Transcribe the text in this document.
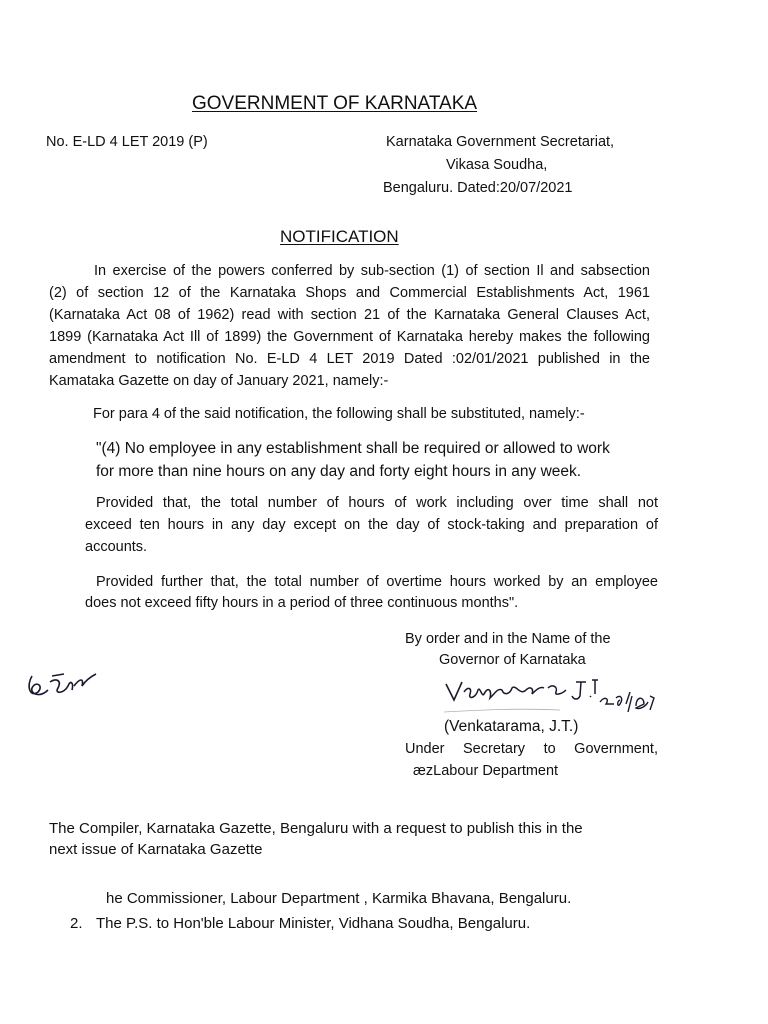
GOVERNMENT OF KARNATAKA
No. E-LD 4 LET 2019 (P)	Karnataka Government Secretariat,
Vikasa Soudha,
Bengaluru. Dated:20/07/2021
NOTIFICATION
In exercise of the powers conferred by sub-section (1) of section Il and sabsection
(2) of section 12 of the Karnataka Shops and Commercial Establishments Act, 1961
(Karnataka Act 08 of 1962) read with section 21 of the Karnataka General Clauses Act,
1899 (Karnataka Act Ill of 1899) the Government of Karnataka hereby makes the following
amendment to notification No. E-LD 4 LET 2019 Dated :02/01/2021 published in the
Kamataka Gazette on day of January 2021, namely:-
For para 4 of the said notification, the following shall be substituted, namely:-
"(4) No employee in any establishment shall be required or allowed to work
for more than nine hours on any day and forty eight hours in any week.
Provided that, the total number of hours of work including over time shall not
exceed ten hours in any day except on the day of stock-taking and preparation of
accounts.
Provided further that, the total number of overtime hours worked by an employee
does not exceed fifty hours in a period of three continuous months".
By order and in the Name of the
Governor of Karnataka
(Venkatarama, J.T.)
Under Secretary to Government,
æzLabour Department
The Compiler, Karnataka Gazette, Bengaluru with a request to publish this in the
next issue of Karnataka Gazette
he Commissioner, Labour Department , Karmika Bhavana, Bengaluru.
2. The P.S. to Hon'ble Labour Minister, Vidhana Soudha, Bengaluru.
